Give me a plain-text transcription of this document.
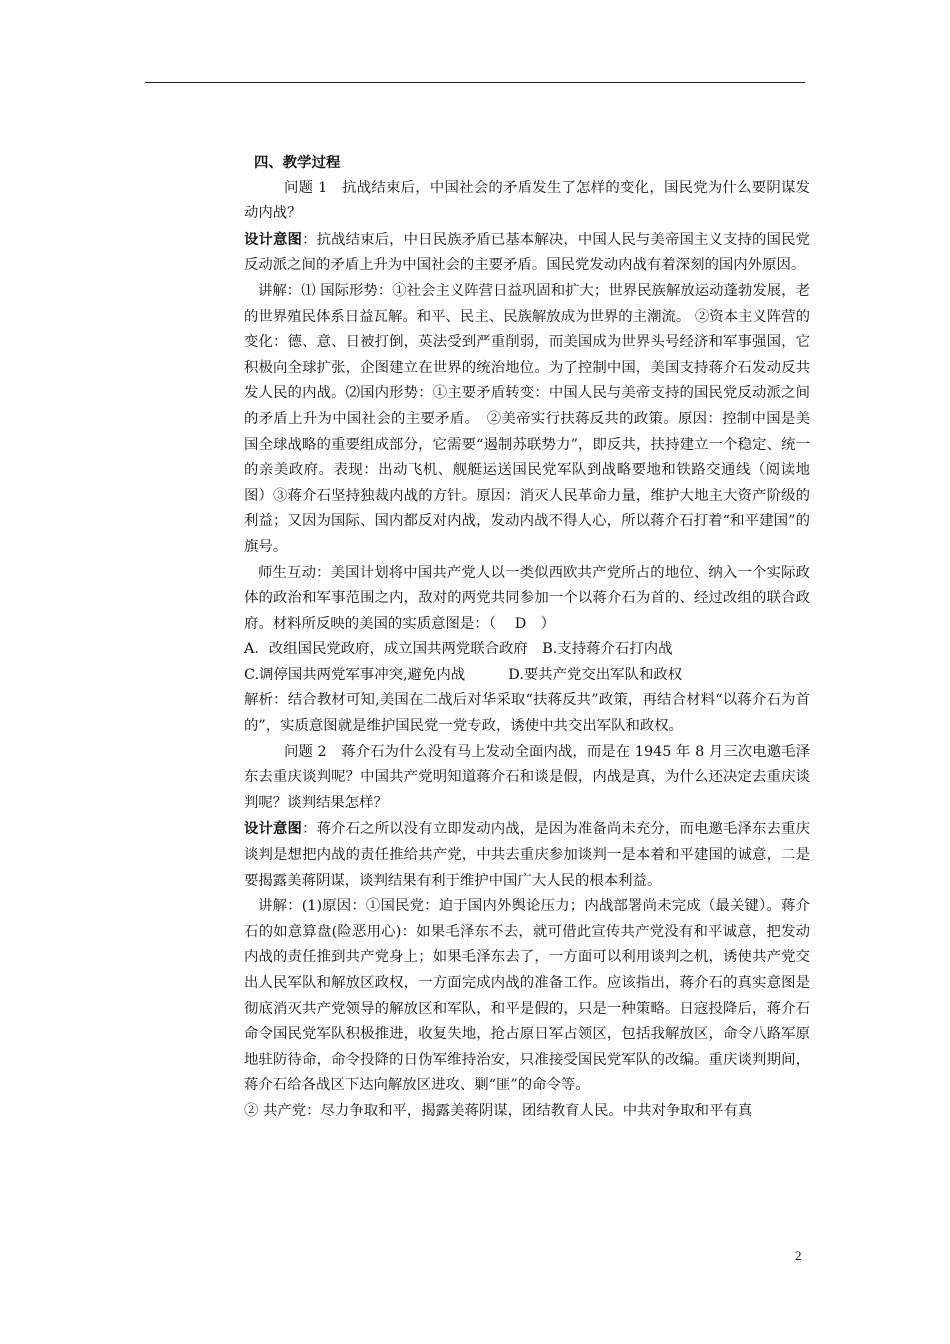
四、教学过程

问题 1　抗战结束后，中国社会的矛盾发生了怎样的变化，国民党为什么要阴谋发动内战？

设计意图：抗战结束后，中日民族矛盾已基本解决，中国人民与美帝国主义支持的国民党反动派之间的矛盾上升为中国社会的主要矛盾。国民党发动内战有着深刻的国内外原因。

讲解：⑴ 国际形势：①社会主义阵营日益巩固和扩大；世界民族解放运动蓬勃发展，老的世界殖民体系日益瓦解。和平、民主、民族解放成为世界的主潮流。 ②资本主义阵营的变化：德、意、日被打倒，英法受到严重削弱，而美国成为世界头号经济和军事强国，它积极向全球扩张，企图建立在世界的统治地位。为了控制中国，美国支持蒋介石发动反共发人民的内战。⑵国内形势：①主要矛盾转变：中国人民与美帝支持的国民党反动派之间的矛盾上升为中国社会的主要矛盾。　②美帝实行扶蒋反共的政策。原因：控制中国是美国全球战略的重要组成部分，它需要“遏制苏联势力”，即反共，扶持建立一个稳定、统一的亲美政府。表现：出动飞机、舰艇运送国民党军队到战略要地和铁路交通线（阅读地图）③蒋介石坚持独裁内战的方针。原因：消灭人民革命力量，维护大地主大资产阶级的利益；又因为国际、国内都反对内战，发动内战不得人心，所以蒋介石打着“和平建国”的旗号。

师生互动：美国计划将中国共产党人以一类似西欧共产党所占的地位、纳入一个实际政体的政治和军事范围之内，敌对的两党共同参加一个以蒋介石为首的、经过改组的联合政府。材料所反映的美国的实质意图是：（　 D　）

A．改组国民党政府，成立国共两党联合政府　B.支持蒋介石打内战

C.调停国共两党军事冲突,避免内战　　　D.要共产党交出军队和政权

解析：结合教材可知,美国在二战后对华采取“扶蒋反共”政策，再结合材料“以蒋介石为首的”，实质意图就是维护国民党一党专政，诱使中共交出军队和政权。

问题 2　蒋介石为什么没有马上发动全面内战，而是在 1945 年 8 月三次电邀毛泽东去重庆谈判呢？中国共产党明知道蒋介石和谈是假，内战是真，为什么还决定去重庆谈判呢？谈判结果怎样？

设计意图：蒋介石之所以没有立即发动内战，是因为准备尚未充分，而电邀毛泽东去重庆谈判是想把内战的责任推给共产党，中共去重庆参加谈判一是本着和平建国的诚意，二是要揭露美蒋阴谋，谈判结果有利于维护中国广大人民的根本利益。

讲解：(1)原因：①国民党：迫于国内外舆论压力；内战部署尚未完成（最关键）。蒋介石的如意算盘(险恶用心)：如果毛泽东不去，就可借此宣传共产党没有和平诚意，把发动内战的责任推到共产党身上；如果毛泽东去了，一方面可以利用谈判之机，诱使共产党交出人民军队和解放区政权，一方面完成内战的准备工作。应该指出，蒋介石的真实意图是彻底消灭共产党领导的解放区和军队，和平是假的，只是一种策略。日寇投降后，蒋介石命令国民党军队积极推进，收复失地，抢占原日军占领区，包括我解放区，命令八路军原地驻防待命，命令投降的日伪军维持治安，只准接受国民党军队的改编。重庆谈判期间，蒋介石给各战区下达向解放区进攻、剿“匪”的命令等。

② 共产党：尽力争取和平，揭露美蒋阴谋，团结教育人民。中共对争取和平有真

2
